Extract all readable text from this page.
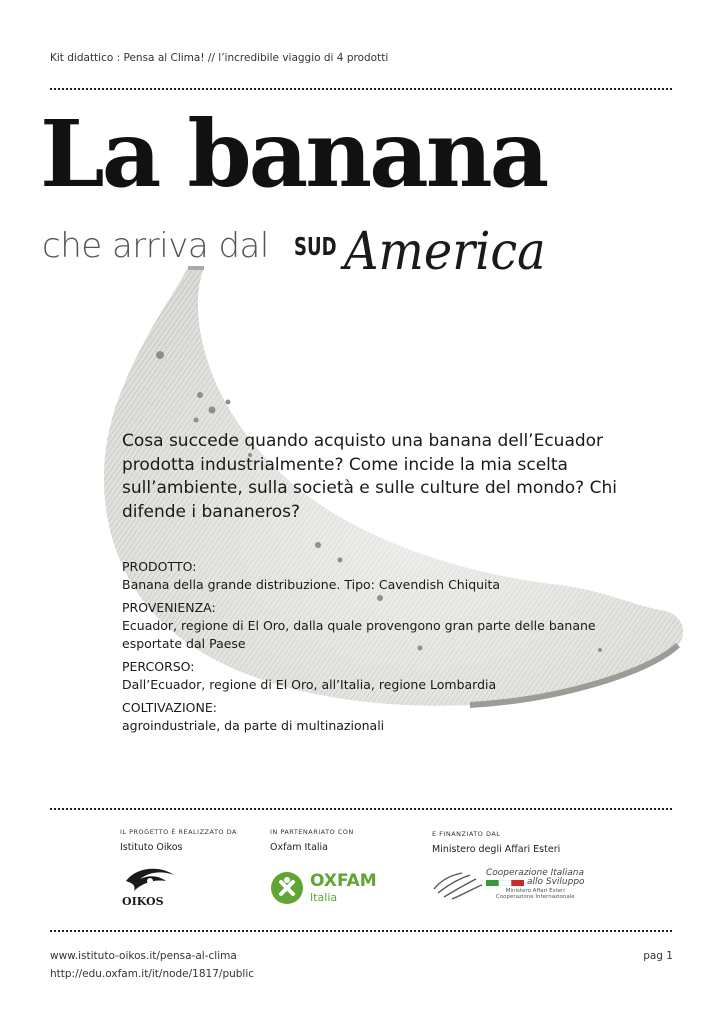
Kit didattico : Pensa al Clima! // l’incredibile viaggio di 4 prodotti
La banana
che arriva dal SUD America
Cosa succede quando acquisto una banana dell’Ecuador prodotta industrialmente? Come incide la mia scelta sull’ambiente, sulla società e sulle culture del mondo? Chi difende i bananeros?
PRODOTTO:
Banana della grande distribuzione. Tipo: Cavendish Chiquita
PROVENIENZA:
Ecuador, regione di El Oro, dalla quale provengono gran parte delle banane esportate dal Paese
PERCORSO:
Dall’Ecuador, regione di El Oro, all’Italia, regione Lombardia
COLTIVAZIONE:
agroindustriale, da parte di multinazionali
IL PROGETTO È REALIZZATO DA
Istituto Oikos
OIKOS
IN PARTENARIATO CON
Oxfam Italia
OXFAM
Italia
E FINANZIATO DAL
Ministero degli Affari Esteri
Cooperazione Italiana
allo Sviluppo
Ministero Affari Esteri
Cooperazione Internazionale
www.istituto-oikos.it/pensa-al-clima
http://edu.oxfam.it/it/node/1817/public
pag 1
